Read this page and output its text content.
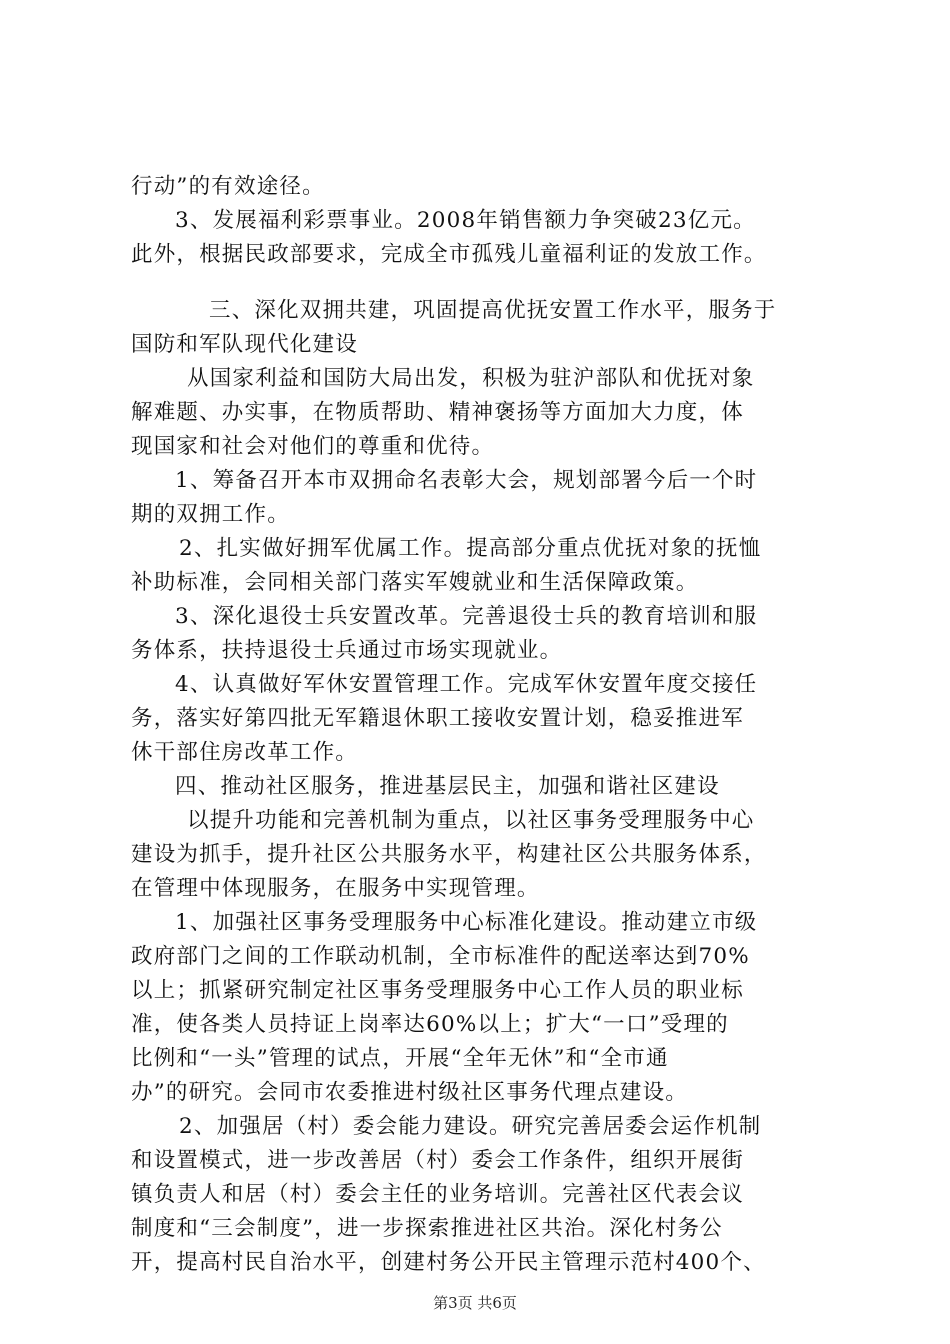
行动”的有效途径。
3、发展福利彩票事业。2008年销售额力争突破23亿元。
此外，根据民政部要求，完成全市孤残儿童福利证的发放工作。
三、深化双拥共建，巩固提高优抚安置工作水平，服务于
国防和军队现代化建设
从国家利益和国防大局出发，积极为驻沪部队和优抚对象
解难题、办实事，在物质帮助、精神褒扬等方面加大力度，体
现国家和社会对他们的尊重和优待。
1、筹备召开本市双拥命名表彰大会，规划部署今后一个时
期的双拥工作。
2、扎实做好拥军优属工作。提高部分重点优抚对象的抚恤
补助标准，会同相关部门落实军嫂就业和生活保障政策。
3、深化退役士兵安置改革。完善退役士兵的教育培训和服
务体系，扶持退役士兵通过市场实现就业。
4、认真做好军休安置管理工作。完成军休安置年度交接任
务，落实好第四批无军籍退休职工接收安置计划，稳妥推进军
休干部住房改革工作。
四、推动社区服务，推进基层民主，加强和谐社区建设
以提升功能和完善机制为重点，以社区事务受理服务中心
建设为抓手，提升社区公共服务水平，构建社区公共服务体系，
在管理中体现服务，在服务中实现管理。
1、加强社区事务受理服务中心标准化建设。推动建立市级
政府部门之间的工作联动机制，全市标准件的配送率达到70%
以上；抓紧研究制定社区事务受理服务中心工作人员的职业标
准，使各类人员持证上岗率达60%以上；扩大“一口”受理的
比例和“一头”管理的试点，开展“全年无休”和“全市通
办”的研究。会同市农委推进村级社区事务代理点建设。
2、加强居（村）委会能力建设。研究完善居委会运作机制
和设置模式，进一步改善居（村）委会工作条件，组织开展街
镇负责人和居（村）委会主任的业务培训。完善社区代表会议
制度和“三会制度”，进一步探索推进社区共治。深化村务公
开，提高村民自治水平，创建村务公开民主管理示范村400个、
第3页 共6页
